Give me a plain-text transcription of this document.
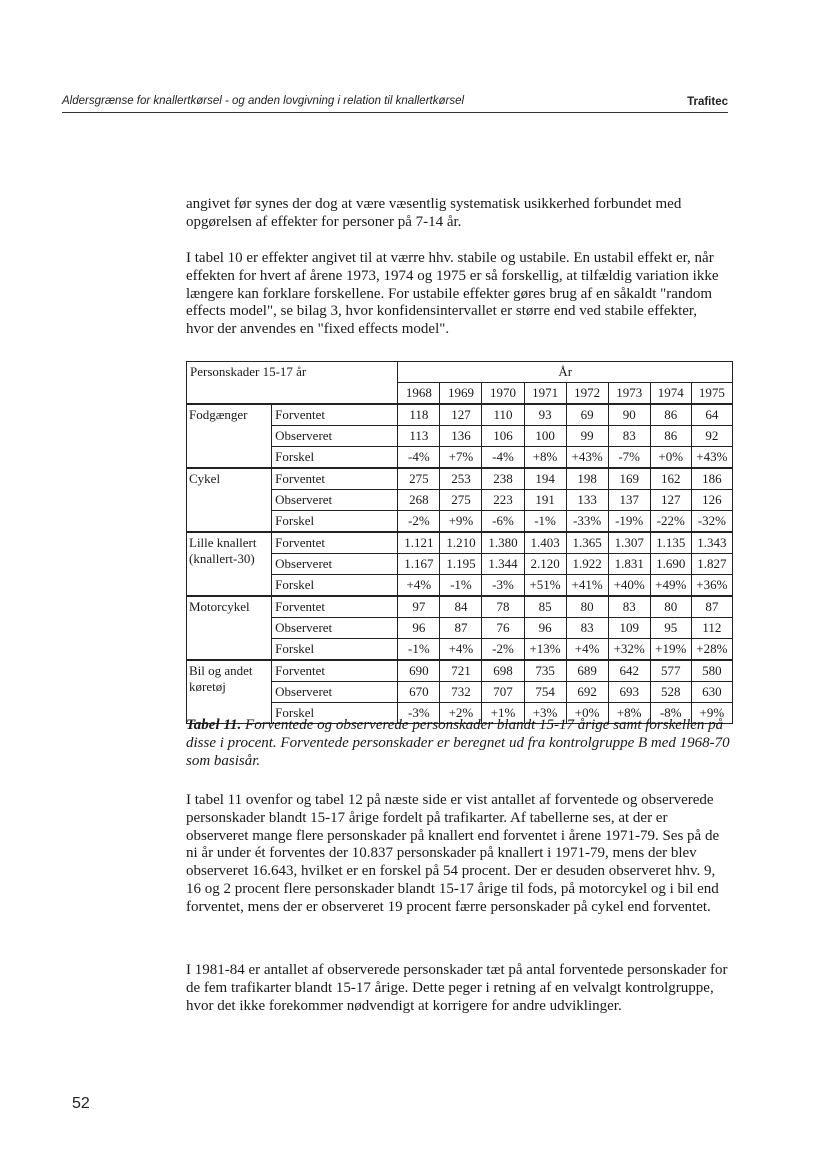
Aldersgrænse for knallertkørsel - og anden lovgivning i relation til knallertkørsel	Trafitec

angivet før synes der dog at være væsentlig systematisk usikkerhed forbundet med opgørelsen af effekter for personer på 7-14 år.

I tabel 10 er effekter angivet til at værre hhv. stabile og ustabile. En ustabil effekt er, når effekten for hvert af årene 1973, 1974 og 1975 er så forskellig, at tilfældig variation ikke længere kan forklare forskellene. For ustabile effekter gøres brug af en såkaldt "random effects model", se bilag 3, hvor konfidensintervallet er større end ved stabile effekter, hvor der anvendes en "fixed effects model".

Personskader 15-17 år		År							
		1968	1969	1970	1971	1972	1973	1974	1975
Fodgænger	Forventet	118	127	110	93	69	90	86	64
	Observeret	113	136	106	100	99	83	86	92
	Forskel	-4%	+7%	-4%	+8%	+43%	-7%	+0%	+43%
Cykel	Forventet	275	253	238	194	198	169	162	186
	Observeret	268	275	223	191	133	137	127	126
	Forskel	-2%	+9%	-6%	-1%	-33%	-19%	-22%	-32%
Lille knallert (knallert-30)	Forventet	1.121	1.210	1.380	1.403	1.365	1.307	1.135	1.343
	Observeret	1.167	1.195	1.344	2.120	1.922	1.831	1.690	1.827
	Forskel	+4%	-1%	-3%	+51%	+41%	+40%	+49%	+36%
Motorcykel	Forventet	97	84	78	85	80	83	80	87
	Observeret	96	87	76	96	83	109	95	112
	Forskel	-1%	+4%	-2%	+13%	+4%	+32%	+19%	+28%
Bil og andet køretøj	Forventet	690	721	698	735	689	642	577	580
	Observeret	670	732	707	754	692	693	528	630
	Forskel	-3%	+2%	+1%	+3%	+0%	+8%	-8%	+9%

Tabel 11. Forventede og observerede personskader blandt 15-17 årige samt forskellen på disse i procent. Forventede personskader er beregnet ud fra kontrolgruppe B med 1968-70 som basisår.

I tabel 11 ovenfor og tabel 12 på næste side er vist antallet af forventede og observerede personskader blandt 15-17 årige fordelt på trafikarter. Af tabellerne ses, at der er observeret mange flere personskader på knallert end forventet i årene 1971-79. Ses på de ni år under ét forventes der 10.837 personskader på knallert i 1971-79, mens der blev observeret 16.643, hvilket er en forskel på 54 procent. Der er desuden observeret hhv. 9, 16 og 2 procent flere personskader blandt 15-17 årige til fods, på motorcykel og i bil end forventet, mens der er observeret 19 procent færre personskader på cykel end forventet.

I 1981-84 er antallet af observerede personskader tæt på antal forventede personskader for de fem trafikarter blandt 15-17 årige. Dette peger i retning af en velvalgt kontrolgruppe, hvor det ikke forekommer nødvendigt at korrigere for andre udviklinger.

52
